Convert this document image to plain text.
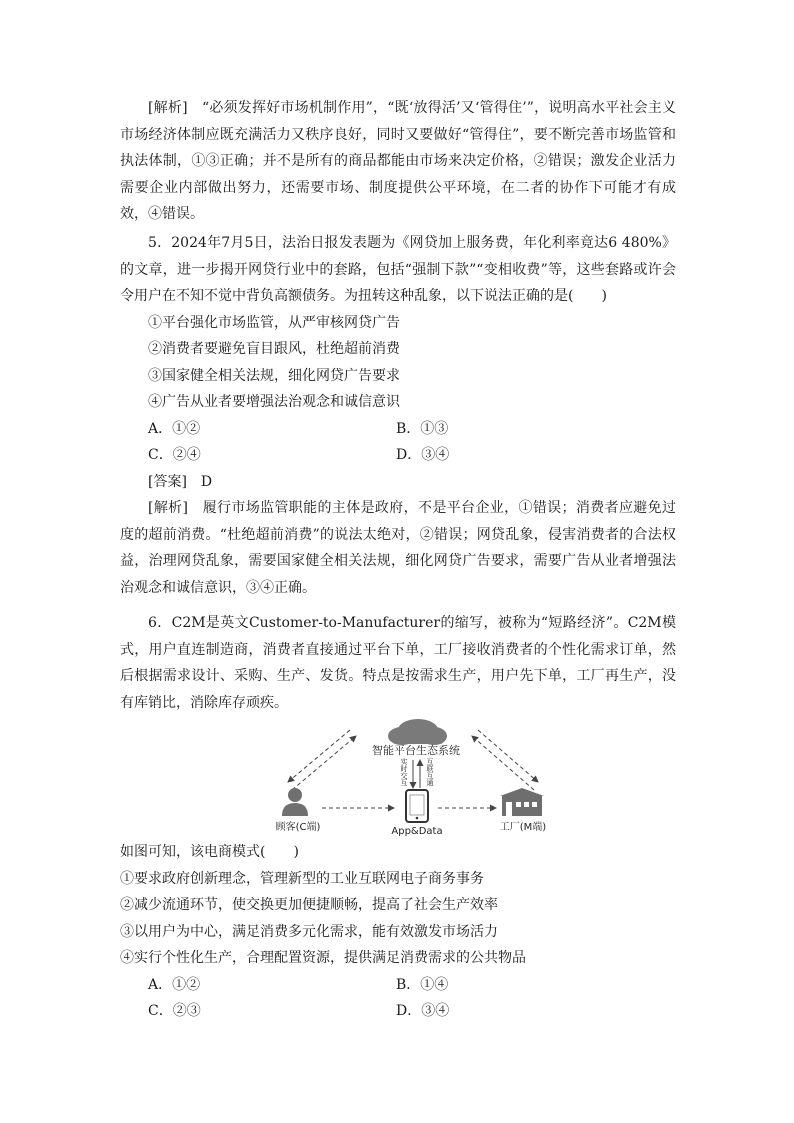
[解析]　“必须发挥好市场机制作用”，“既‘放得活’又‘管得住’”，说明高水平社会主义市场经济体制应既充满活力又秩序良好，同时又要做好“管得住”，要不断完善市场监管和执法体制，①③正确；并不是所有的商品都能由市场来决定价格，②错误；激发企业活力需要企业内部做出努力，还需要市场、制度提供公平环境，在二者的协作下可能才有成效，④错误。

5．2024年7月5日，法治日报发表题为《网贷加上服务费，年化利率竟达6 480%》的文章，进一步揭开网贷行业中的套路，包括“强制下款”“变相收费”等，这些套路或许会令用户在不知不觉中背负高额债务。为扭转这种乱象，以下说法正确的是(　　)

①平台强化市场监管，从严审核网贷广告

②消费者要避免盲目跟风，杜绝超前消费

③国家健全相关法规，细化网贷广告要求

④广告从业者要增强法治观念和诚信意识

A．①②	B．①③
C．②④	D．③④

[答案]　D

[解析]　履行市场监管职能的主体是政府，不是平台企业，①错误；消费者应避免过度的超前消费。“杜绝超前消费”的说法太绝对，②错误；网贷乱象，侵害消费者的合法权益，治理网贷乱象，需要国家健全相关法规，细化网贷广告要求，需要广告从业者增强法治观念和诚信意识，③④正确。

6．C2M是英文Customer-to-Manufacturer的缩写，被称为“短路经济”。C2M模式，用户直连制造商，消费者直接通过平台下单，工厂接收消费者的个性化需求订单，然后根据需求设计、采购、生产、发货。特点是按需求生产，用户先下单，工厂再生产，没有库销比，消除库存顽疾。

智能平台生态系统
实时交互	互联互通
顾客(C端)	App&Data	工厂(M端)

如图可知，该电商模式(　　)

①要求政府创新理念，管理新型的工业互联网电子商务事务

②减少流通环节，使交换更加便捷顺畅，提高了社会生产效率

③以用户为中心，满足消费多元化需求，能有效激发市场活力

④实行个性化生产，合理配置资源，提供满足消费需求的公共物品

A．①②	B．①④
C．②③	D．③④
